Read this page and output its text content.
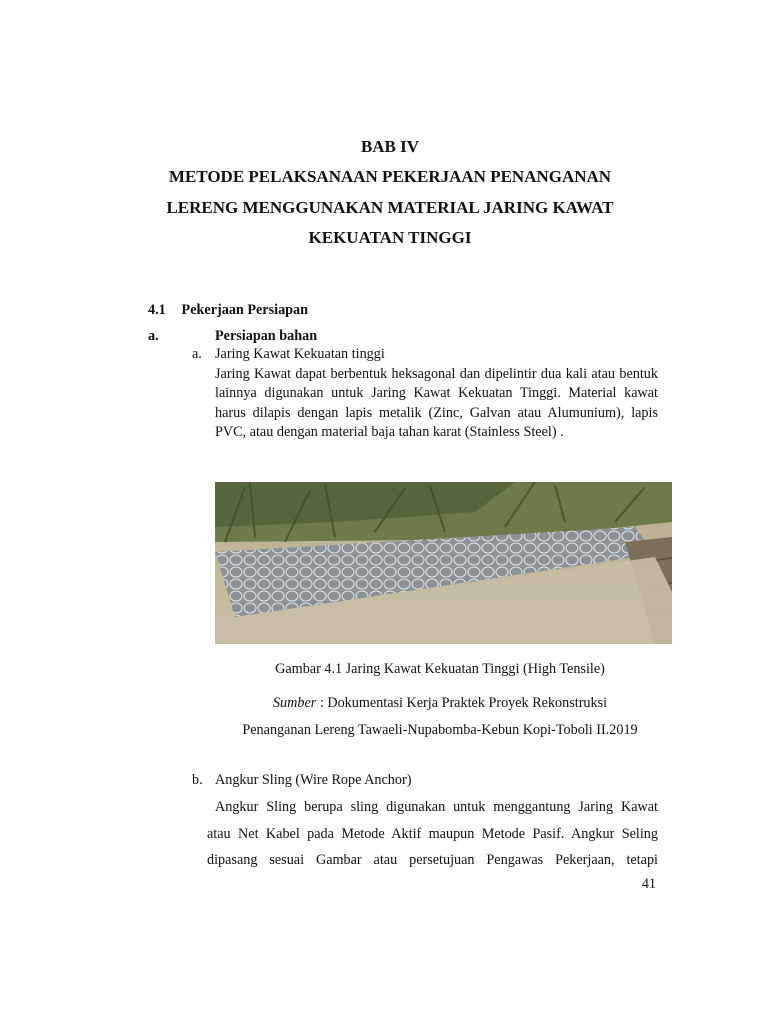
BAB IV
METODE PELAKSANAAN PEKERJAAN PENANGANAN
LERENG MENGGUNAKAN MATERIAL JARING KAWAT
KEKUATAN TINGGI
4.1 Pekerjaan Persiapan
a.	Persiapan bahan
a. Jaring Kawat Kekuatan tinggi

Jaring Kawat dapat berbentuk heksagonal dan dipelintir dua kali atau bentuk lainnya digunakan untuk Jaring Kawat Kekuatan Tinggi. Material kawat harus dilapis dengan lapis metalik (Zinc, Galvan atau Alumunium), lapis PVC, atau dengan material baja tahan karat (Stainless Steel) .

Gambar 4.1 Jaring Kawat Kekuatan Tinggi (High Tensile)
Sumber : Dokumentasi Kerja Praktek Proyek Rekonstruksi
Penanganan Lereng Tawaeli-Nupabomba-Kebun Kopi-Toboli II.2019
b. Angkur Sling (Wire Rope Anchor)
Angkur Sling berupa sling digunakan untuk menggantung Jaring Kawat
atau Net Kabel pada Metode Aktif maupun Metode Pasif. Angkur Seling
dipasang sesuai Gambar atau persetujuan Pengawas Pekerjaan, tetapi
41
